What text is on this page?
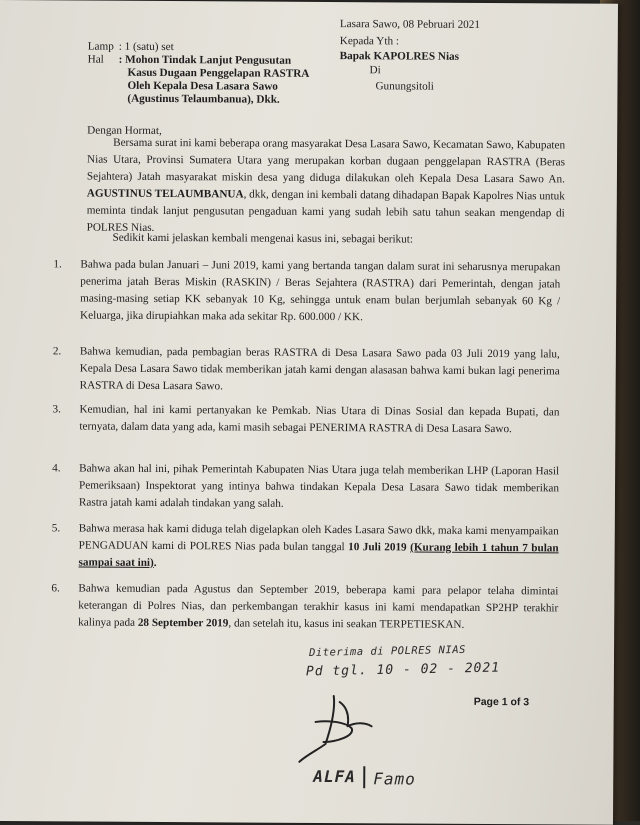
Lasara Sawo, 08 Pebruari 2021
Lamp : 1 (satu) set	Kepada Yth :
Hal : Mohon Tindak Lanjut Pengusutan
Kasus Dugaan Penggelapan RASTRA
Oleh Kepala Desa Lasara Sawo
(Agustinus Telaumbanua), Dkk.
Bapak KAPOLRES Nias
Di
Gunungsitoli
Dengan Hormat,
Bersama surat ini kami beberapa orang masyarakat Desa Lasara Sawo, Kecamatan Sawo, Kabupaten Nias Utara, Provinsi Sumatera Utara yang merupakan korban dugaan penggelapan RASTRA (Beras Sejahtera) Jatah masyarakat miskin desa yang diduga dilakukan oleh Kepala Desa Lasara Sawo An. AGUSTINUS TELAUMBANUA, dkk, dengan ini kembali datang dihadapan Bapak Kapolres Nias untuk meminta tindak lanjut pengusutan pengaduan kami yang sudah lebih satu tahun seakan mengendap di POLRES Nias.
Sedikit kami jelaskan kembali mengenai kasus ini, sebagai berikut:
1. Bahwa pada bulan Januari – Juni 2019, kami yang bertanda tangan dalam surat ini seharusnya merupakan penerima jatah Beras Miskin (RASKIN) / Beras Sejahtera (RASTRA) dari Pemerintah, dengan jatah masing-masing setiap KK sebanyak 10 Kg, sehingga untuk enam bulan berjumlah sebanyak 60 Kg / Keluarga, jika dirupiahkan maka ada sekitar Rp. 600.000 / KK.
2. Bahwa kemudian, pada pembagian beras RASTRA di Desa Lasara Sawo pada 03 Juli 2019 yang lalu, Kepala Desa Lasara Sawo tidak memberikan jatah kami dengan alasasan bahwa kami bukan lagi penerima RASTRA di Desa Lasara Sawo.
3. Kemudian, hal ini kami pertanyakan ke Pemkab. Nias Utara di Dinas Sosial dan kepada Bupati, dan ternyata, dalam data yang ada, kami masih sebagai PENERIMA RASTRA di Desa Lasara Sawo.
4. Bahwa akan hal ini, pihak Pemerintah Kabupaten Nias Utara juga telah memberikan LHP (Laporan Hasil Pemeriksaan) Inspektorat yang intinya bahwa tindakan Kepala Desa Lasara Sawo tidak memberikan Rastra jatah kami adalah tindakan yang salah.
5. Bahwa merasa hak kami diduga telah digelapkan oleh Kades Lasara Sawo dkk, maka kami menyampaikan PENGADUAN kami di POLRES Nias pada bulan tanggal 10 Juli 2019 (Kurang lebih 1 tahun 7 bulan sampai saat ini).
6. Bahwa kemudian pada Agustus dan September 2019, beberapa kami para pelapor telaha dimintai keterangan di Polres Nias, dan perkembangan terakhir kasus ini kami mendapatkan SP2HP terakhir kalinya pada 28 September 2019, dan setelah itu, kasus ini seakan TERPETIESKAN.
Diterima di POLRES NIAS
Pd tgl. 10 - 02 - 2021
Page 1 of 3
ALFA Famo
